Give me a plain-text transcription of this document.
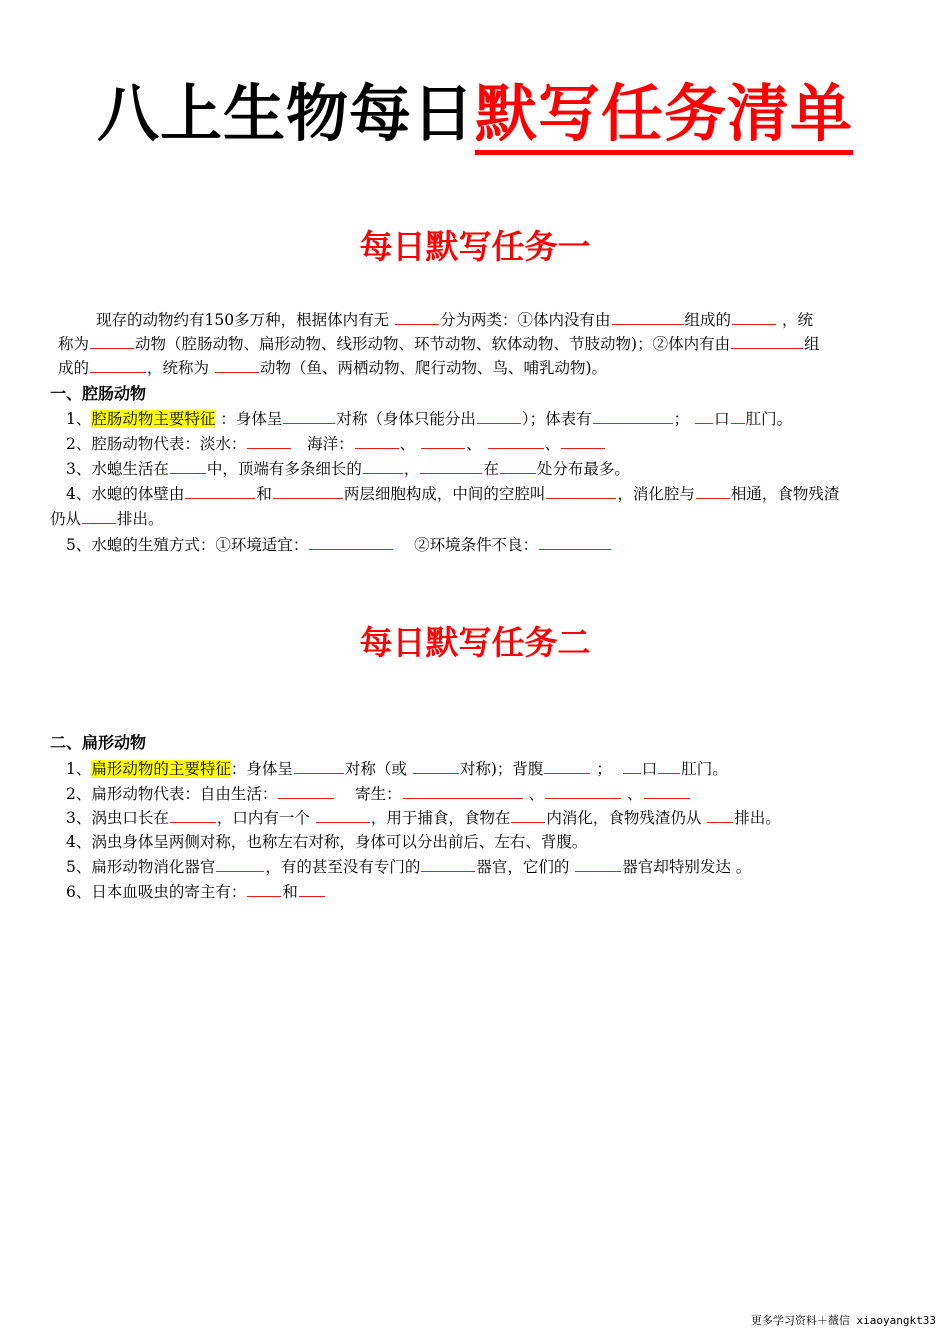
八上生物每日默写任务清单
每日默写任务一
现存的动物约有150多万种，根据体内有无	分为两类：①体内没有由	组成的	，统
称为	动物（腔肠动物、扁形动物、线形动物、环节动物、软体动物、节肢动物)；②体内有由	组
成的	，统称为	动物（鱼、两栖动物、爬行动物、鸟、哺乳动物)。
一、腔肠动物
1、腔肠动物主要特征 ：身体呈	对称（身体只能分出	）；体表有	； 口 肛门。
2、腔肠动物代表：淡水：	海洋：	、	、	、
3、水螅生活在 中，顶端有多条细长的	，	在 处分布最多。
4、水螅的体壁由	和	两层细胞构成，中间的空腔叫	，消化腔与 相通，食物残渣
仍从 排出。
5、水螅的生殖方式：①环境适宜：	②环境条件不良：
每日默写任务二
二、扁形动物
1、扁形动物的主要特征：身体呈	对称（或	对称)；背腹	； 口 肛门。
2、扁形动物代表：自由生活：	寄生：	、	、
3、涡虫口长在	，口内有一个	，用于捕食，食物在 内消化，食物残渣仍从 排出。
4、涡虫身体呈两侧对称，也称左右对称，身体可以分出前后、左右、背腹。
5、扁形动物消化器官	，有的甚至没有专门的	器官，它们的	器官却特别发达 。
6、日本血吸虫的寄主有： 和
更多学习资料＋薇信 xiaoyangkt33
